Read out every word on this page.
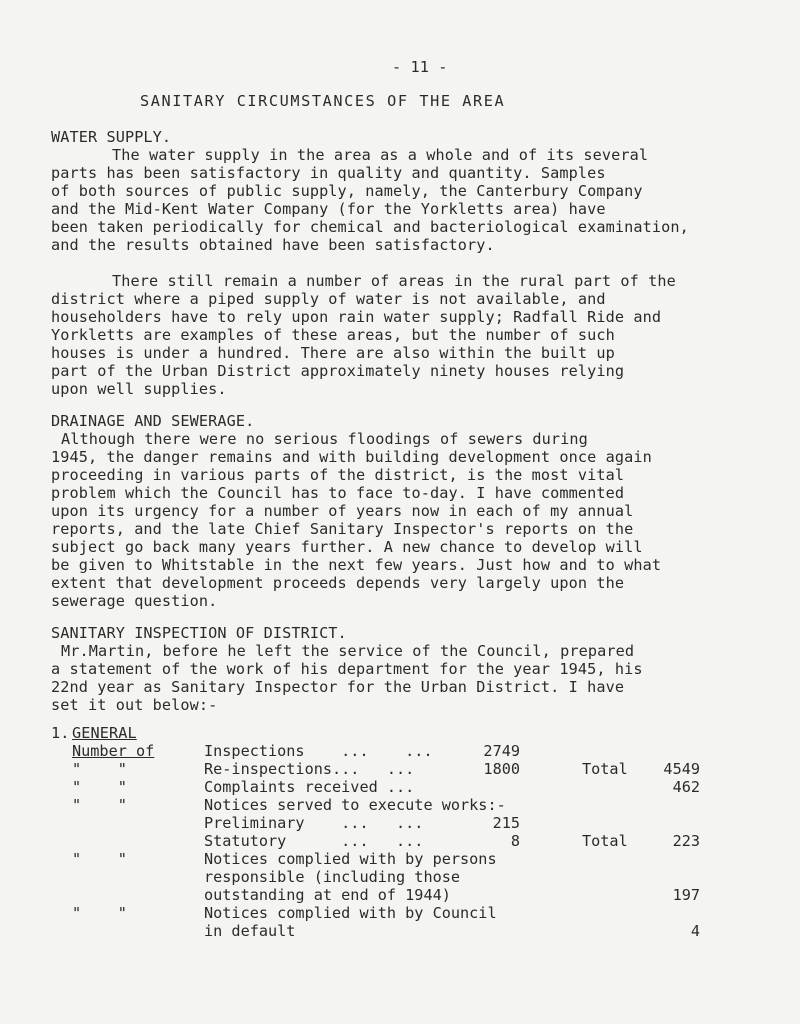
- 11 -
SANITARY CIRCUMSTANCES OF THE AREA
WATER SUPPLY.
The water supply in the area as a whole and of its several
parts has been satisfactory in quality and quantity. Samples
of both sources of public supply, namely, the Canterbury Company
and the Mid-Kent Water Company (for the Yorkletts area) have
been taken periodically for chemical and bacteriological examination,
and the results obtained have been satisfactory.
There still remain a number of areas in the rural part of the
district where a piped supply of water is not available, and
householders have to rely upon rain water supply; Radfall Ride and
Yorkletts are examples of these areas, but the number of such
houses is under a hundred. There are also within the built up
part of the Urban District approximately ninety houses relying
upon well supplies.
DRAINAGE AND SEWERAGE.
Although there were no serious floodings of sewers during
1945, the danger remains and with building development once again
proceeding in various parts of the district, is the most vital
problem which the Council has to face to-day. I have commented
upon its urgency for a number of years now in each of my annual
reports, and the late Chief Sanitary Inspector's reports on the
subject go back many years further. A new chance to develop will
be given to Whitstable in the next few years. Just how and to what
extent that development proceeds depends very largely upon the
sewerage question.
SANITARY INSPECTION OF DISTRICT.
Mr.Martin, before he left the service of the Council, prepared
a statement of the work of his department for the year 1945, his
22nd year as Sanitary Inspector for the Urban District. I have
set it out below:-
1. GENERAL
Number of	Inspections    ...    ...	2749
"    "	Re-inspections...   ...	1800	Total 4549
"    "	Complaints received ...	462
"    "	Notices served to execute works:-
Preliminary    ...   ...	215
Statutory      ...   ...	8	Total	223
"    "	Notices complied with by persons
responsible (including those
outstanding at end of 1944)	197
"    "	Notices complied with by Council
in default	4
